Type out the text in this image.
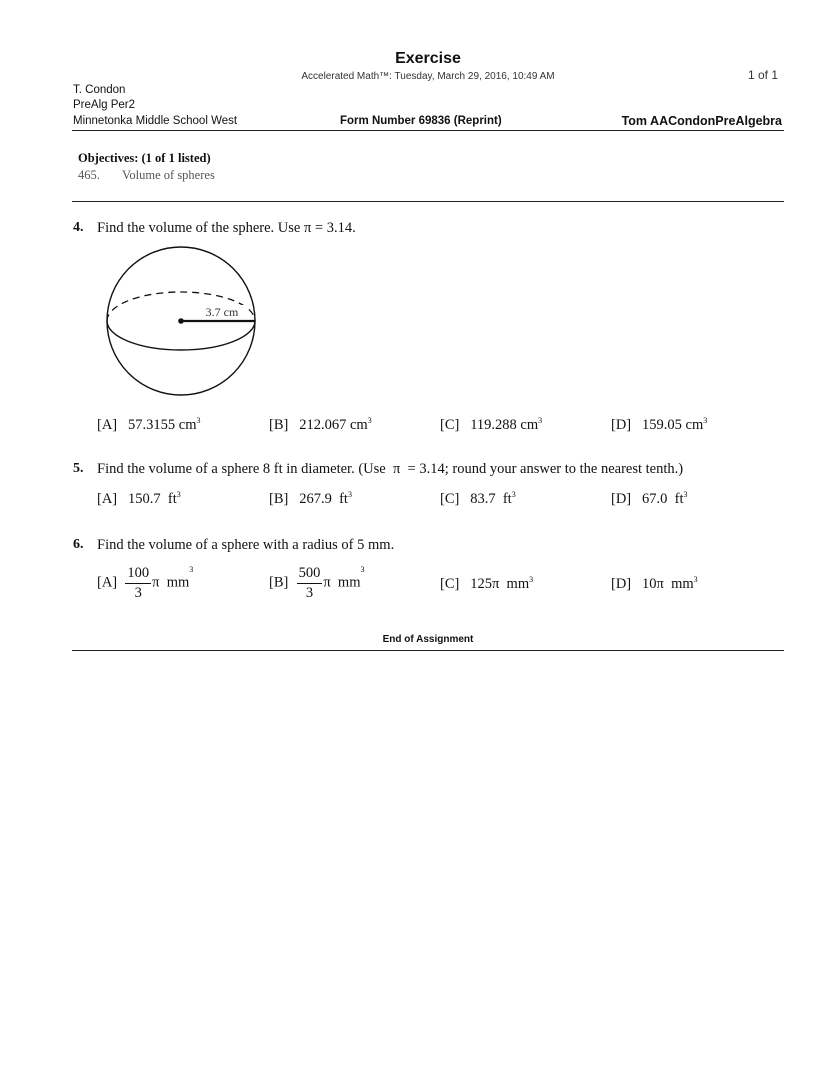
Exercise
Accelerated Math™: Tuesday, March 29, 2016, 10:49 AM	1 of 1
T. Condon
PreAlg Per2
Minnetonka Middle School West	Form Number 69836 (Reprint)	Tom AACondonPreAlgebra
Objectives: (1 of 1 listed)
465. Volume of spheres
4. Find the volume of the sphere. Use π = 3.14.
3.7 cm
[A] 57.3155 $cm^3$	[B] 212.067 $cm^3$	[C] 119.288 $cm^3$	[D] 159.05 $cm^3$
5. Find the volume of a sphere 8 ft in diameter. (Use  π  = 3.14; round your answer to the nearest tenth.)
[A] 150.7  $ft^3$	[B] 267.9  $ft^3$	[C] 83.7  $ft^3$	[D] 67.0  $ft^3$
6. Find the volume of a sphere with a radius of 5 mm.
$[A] \frac{100}{3}$ π  $mm^3$
$[B] \frac{500}{3}$ π  $mm^3$
[C] 125π  $mm^3$	[D] 10π  $mm^3$
End of Assignment
